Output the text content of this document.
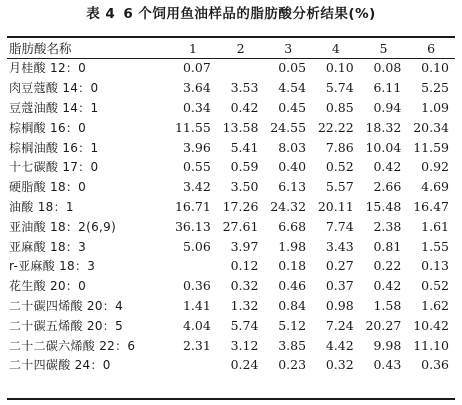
表 4 6 个饲用鱼油样品的脂肪酸分析结果(%)
脂肪酸名称	1	2	3	4	5	6
月桂酸 12：0	0.07		0.05	0.10	0.08	0.10
肉豆蔻酸 14：0	3.64	3.53	4.54	5.74	6.11	5.25
豆蔻油酸 14：1	0.34	0.42	0.45	0.85	0.94	1.09
棕榈酸 16：0	11.55	13.58	24.55	22.22	18.32	20.34
棕榈油酸 16：1	3.96	5.41	8.03	7.86	10.04	11.59
十七碳酸 17：0	0.55	0.59	0.40	0.52	0.42	0.92
硬脂酸 18：0	3.42	3.50	6.13	5.57	2.66	4.69
油酸 18：1	16.71	17.26	24.32	20.11	15.48	16.47
亚油酸 18：2(6,9)	36.13	27.61	6.68	7.74	2.38	1.61
亚麻酸 18：3	5.06	3.97	1.98	3.43	0.81	1.55
r-亚麻酸 18：3		0.12	0.18	0.27	0.22	0.13
花生酸 20：0	0.36	0.32	0.46	0.37	0.42	0.52
二十碳四烯酸 20：4	1.41	1.32	0.84	0.98	1.58	1.62
二十碳五烯酸 20：5	4.04	5.74	5.12	7.24	20.27	10.42
二十二碳六烯酸 22：6	2.31	3.12	3.85	4.42	9.98	11.10
二十四碳酸 24：0		0.24	0.23	0.32	0.43	0.36
